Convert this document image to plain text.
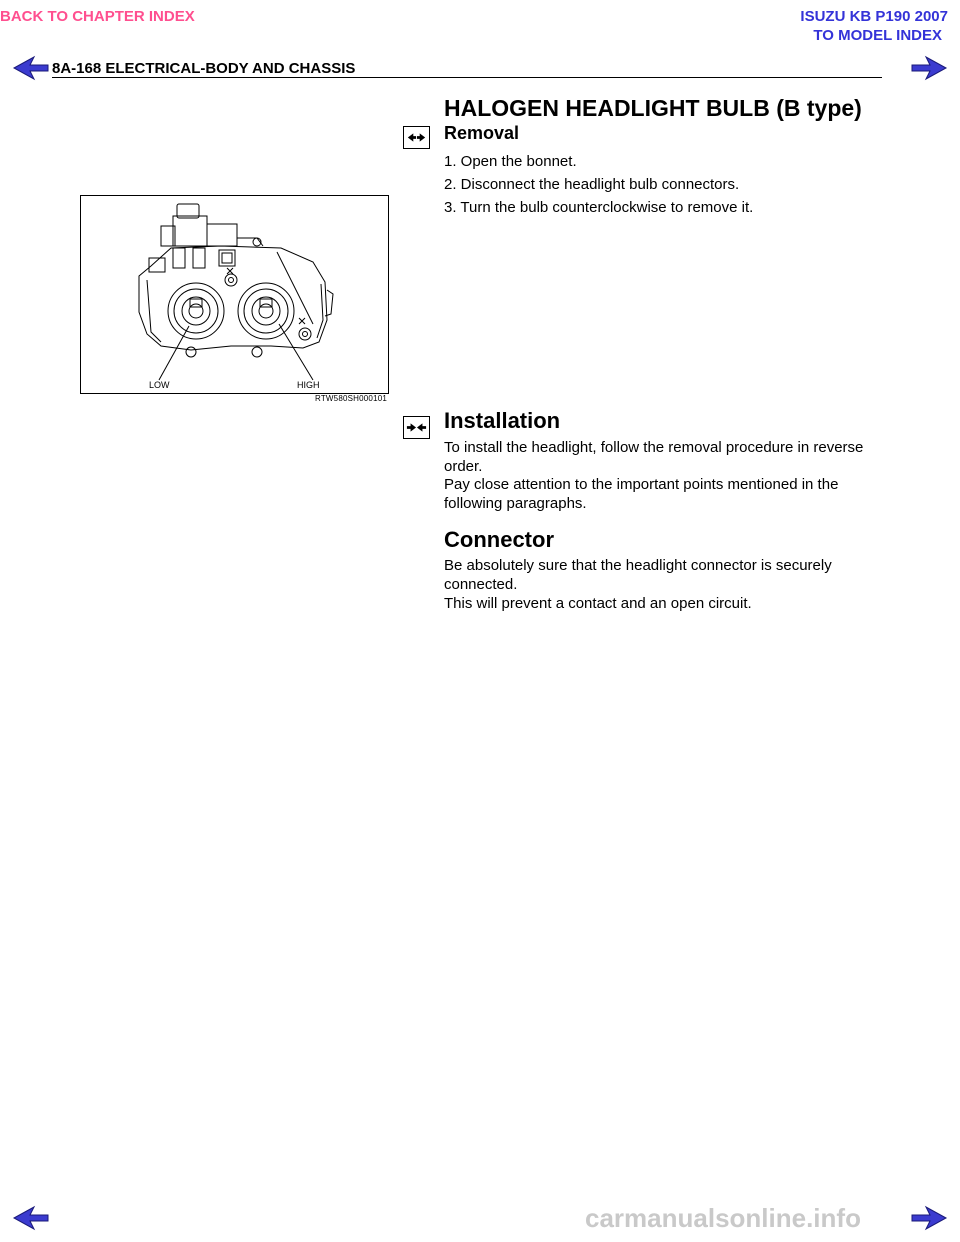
BACK TO CHAPTER INDEX	ISUZU KB P190 2007
TO MODEL INDEX
8A-168 ELECTRICAL-BODY AND CHASSIS
HALOGEN HEADLIGHT BULB (B type)
Removal
1. Open the bonnet.
2. Disconnect the headlight bulb connectors.
3. Turn the bulb counterclockwise to remove it.
LOW	HIGH
RTW580SH000101
Installation
To install the headlight, follow the removal procedure in reverse order.
Pay close attention to the important points mentioned in the following paragraphs.
Connector
Be absolutely sure that the headlight connector is securely connected.
This will prevent a contact and an open circuit.
carmanualsonline.info
